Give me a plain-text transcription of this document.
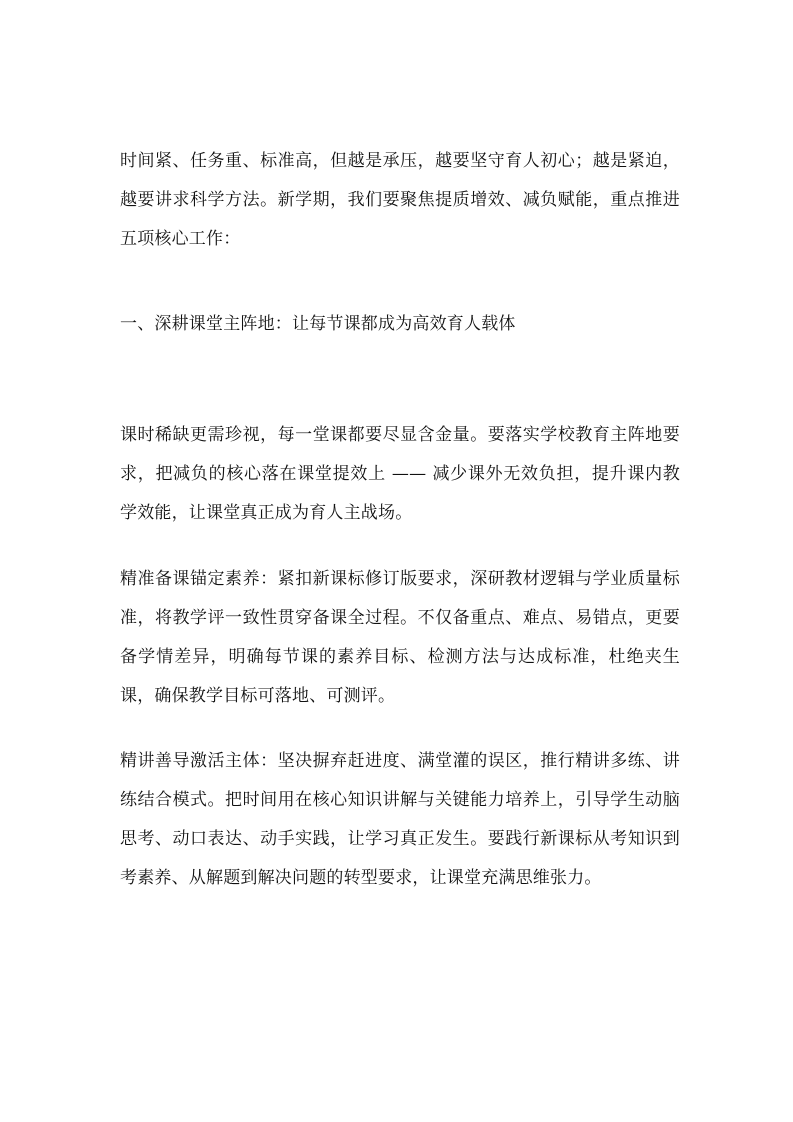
时间紧、任务重、标准高，但越是承压，越要坚守育人初心；越是紧迫，越要讲求科学方法。新学期，我们要聚焦提质增效、减负赋能，重点推进五项核心工作：

一、深耕课堂主阵地：让每节课都成为高效育人载体

课时稀缺更需珍视，每一堂课都要尽显含金量。要落实学校教育主阵地要求，把减负的核心落在课堂提效上 —— 减少课外无效负担，提升课内教学效能，让课堂真正成为育人主战场。

精准备课锚定素养：紧扣新课标修订版要求，深研教材逻辑与学业质量标准，将教学评一致性贯穿备课全过程。不仅备重点、难点、易错点，更要备学情差异，明确每节课的素养目标、检测方法与达成标准，杜绝夹生课，确保教学目标可落地、可测评。

精讲善导激活主体：坚决摒弃赶进度、满堂灌的误区，推行精讲多练、讲练结合模式。把时间用在核心知识讲解与关键能力培养上，引导学生动脑思考、动口表达、动手实践，让学习真正发生。要践行新课标从考知识到考素养、从解题到解决问题的转型要求，让课堂充满思维张力。
